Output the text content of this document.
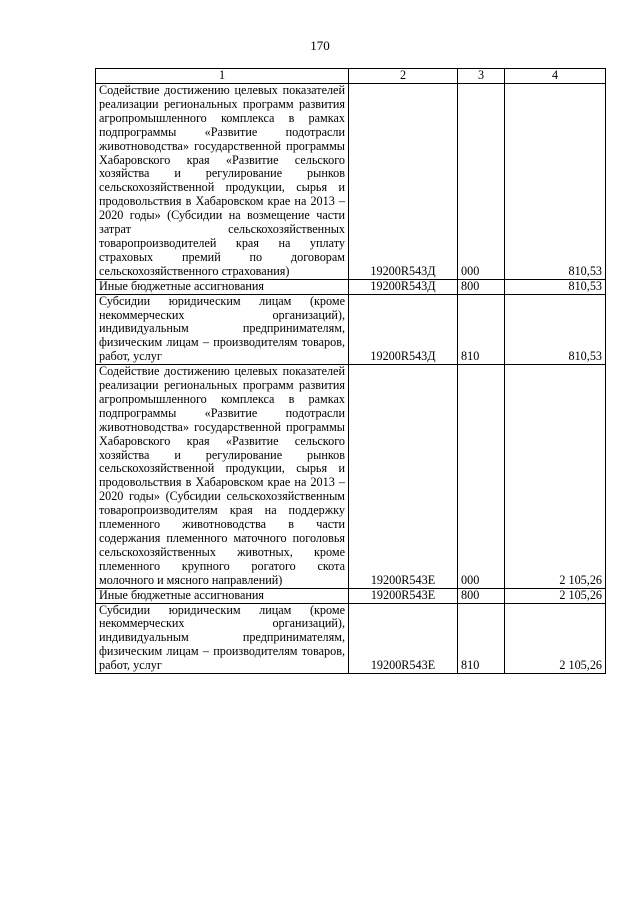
170
1	2	3	4
Содействие достижению целевых показателей реализации региональных программ развития агропромышленного комплекса в рамках подпрограммы «Развитие подотрасли животноводства» государственной программы Хабаровского края «Развитие сельского хозяйства и регулирование рынков сельскохозяйственной продукции, сырья и продовольствия в Хабаровском крае на 2013 – 2020 годы» (Субсидии на возмещение части затрат сельскохозяйственных товаропроизводителей края на уплату страховых премий по договорам сельскохозяйственного страхования)	19200R543Д	000	810,53
Иные бюджетные ассигнования	19200R543Д	800	810,53
Субсидии юридическим лицам (кроме некоммерческих организаций), индивидуальным предпринимателям, физическим лицам – производителям товаров, работ, услуг	19200R543Д	810	810,53
Содействие достижению целевых показателей реализации региональных программ развития агропромышленного комплекса в рамках подпрограммы «Развитие подотрасли животноводства» государственной программы Хабаровского края «Развитие сельского хозяйства и регулирование рынков сельскохозяйственной продукции, сырья и продовольствия в Хабаровском крае на 2013 – 2020 годы» (Субсидии сельскохозяйственным товаропроизводителям края на поддержку племенного животноводства в части содержания племенного маточного поголовья сельскохозяйственных животных, кроме племенного крупного рогатого скота молочного и мясного направлений)	19200R543Е	000	2 105,26
Иные бюджетные ассигнования	19200R543Е	800	2 105,26
Субсидии юридическим лицам (кроме некоммерческих организаций), индивидуальным предпринимателям, физическим лицам – производителям товаров, работ, услуг	19200R543Е	810	2 105,26
